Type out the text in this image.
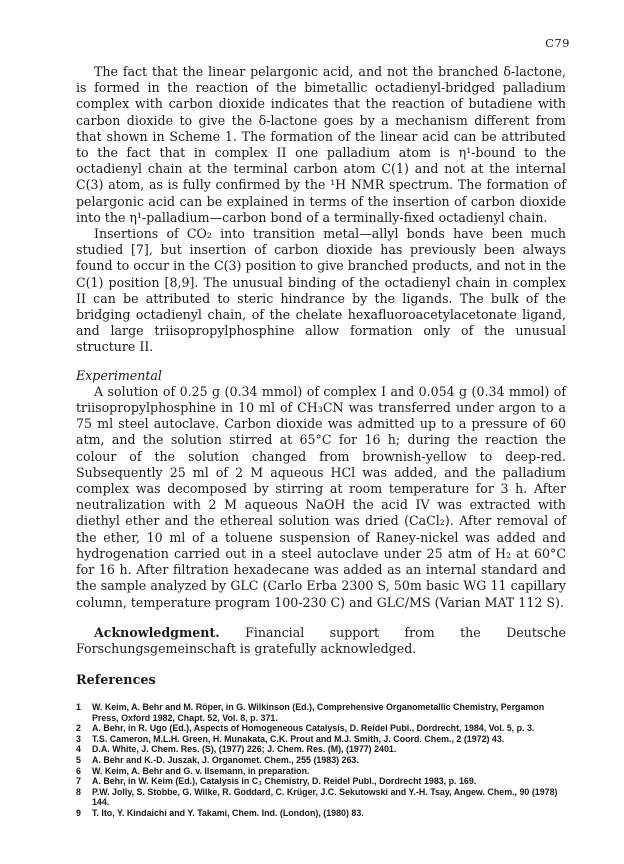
C79

The fact that the linear pelargonic acid, and not the branched δ-lactone, is formed in the reaction of the bimetallic octadienyl-bridged palladium complex with carbon dioxide indicates that the reaction of butadiene with carbon dioxide to give the δ-lactone goes by a mechanism different from that shown in Scheme 1. The formation of the linear acid can be attributed to the fact that in complex II one palladium atom is η¹-bound to the octadienyl chain at the terminal carbon atom C(1) and not at the internal C(3) atom, as is fully confirmed by the ¹H NMR spectrum. The formation of pelargonic acid can be explained in terms of the insertion of carbon dioxide into the η¹-palladium—carbon bond of a terminally-fixed octadienyl chain.

Insertions of CO₂ into transition metal—allyl bonds have been much studied [7], but insertion of carbon dioxide has previously been always found to occur in the C(3) position to give branched products, and not in the C(1) position [8,9]. The unusual binding of the octadienyl chain in complex II can be attributed to steric hindrance by the ligands. The bulk of the bridging octadienyl chain, of the chelate hexafluoroacetylacetonate ligand, and large triisopropylphosphine allow formation only of the unusual structure II.

Experimental

A solution of 0.25 g (0.34 mmol) of complex I and 0.054 g (0.34 mmol) of triisopropylphosphine in 10 ml of CH₃CN was transferred under argon to a 75 ml steel autoclave. Carbon dioxide was admitted up to a pressure of 60 atm, and the solution stirred at 65°C for 16 h; during the reaction the colour of the solution changed from brownish-yellow to deep-red. Subsequently 25 ml of 2 M aqueous HCl was added, and the palladium complex was decomposed by stirring at room temperature for 3 h. After neutralization with 2 M aqueous NaOH the acid IV was extracted with diethyl ether and the ethereal solution was dried (CaCl₂). After removal of the ether, 10 ml of a toluene suspension of Raney-nickel was added and hydrogenation carried out in a steel autoclave under 25 atm of H₂ at 60°C for 16 h. After filtration hexadecane was added as an internal standard and the sample analyzed by GLC (Carlo Erba 2300 S, 50m basic WG 11 capillary column, temperature program 100-230 C) and GLC/MS (Varian MAT 112 S).

Acknowledgment. Financial support from the Deutsche Forschungsgemeinschaft is gratefully acknowledged.

References
1	W. Keim, A. Behr and M. Röper, in G. Wilkinson (Ed.), Comprehensive Organometallic Chemistry, Pergamon Press, Oxford 1982, Chapt. 52, Vol. 8, p. 371.
2	A. Behr, in R. Ugo (Ed.), Aspects of Homogeneous Catalysis, D. Reidel Publ., Dordrecht, 1984, Vol. 5, p. 3.
3	T.S. Cameron, M.L.H. Green, H. Munakata, C.K. Prout and M.J. Smith, J. Coord. Chem., 2 (1972) 43.
4	D.A. White, J. Chem. Res. (S), (1977) 226; J. Chem. Res. (M), (1977) 2401.
5	A. Behr and K.-D. Juszak, J. Organomet. Chem., 255 (1983) 263.
6	W. Keim, A. Behr and G. v. Ilsemann, in preparation.
7	A. Behr, in W. Keim (Ed.), Catalysis in C₁ Chemistry, D. Reidel Publ., Dordrecht 1983, p. 169.
8	P.W. Jolly, S. Stobbe, G. Wilke, R. Goddard, C. Krüger, J.C. Sekutowski and Y.-H. Tsay, Angew. Chem., 90 (1978) 144.
9	T. Ito, Y. Kindaichi and Y. Takami, Chem. Ind. (London), (1980) 83.
